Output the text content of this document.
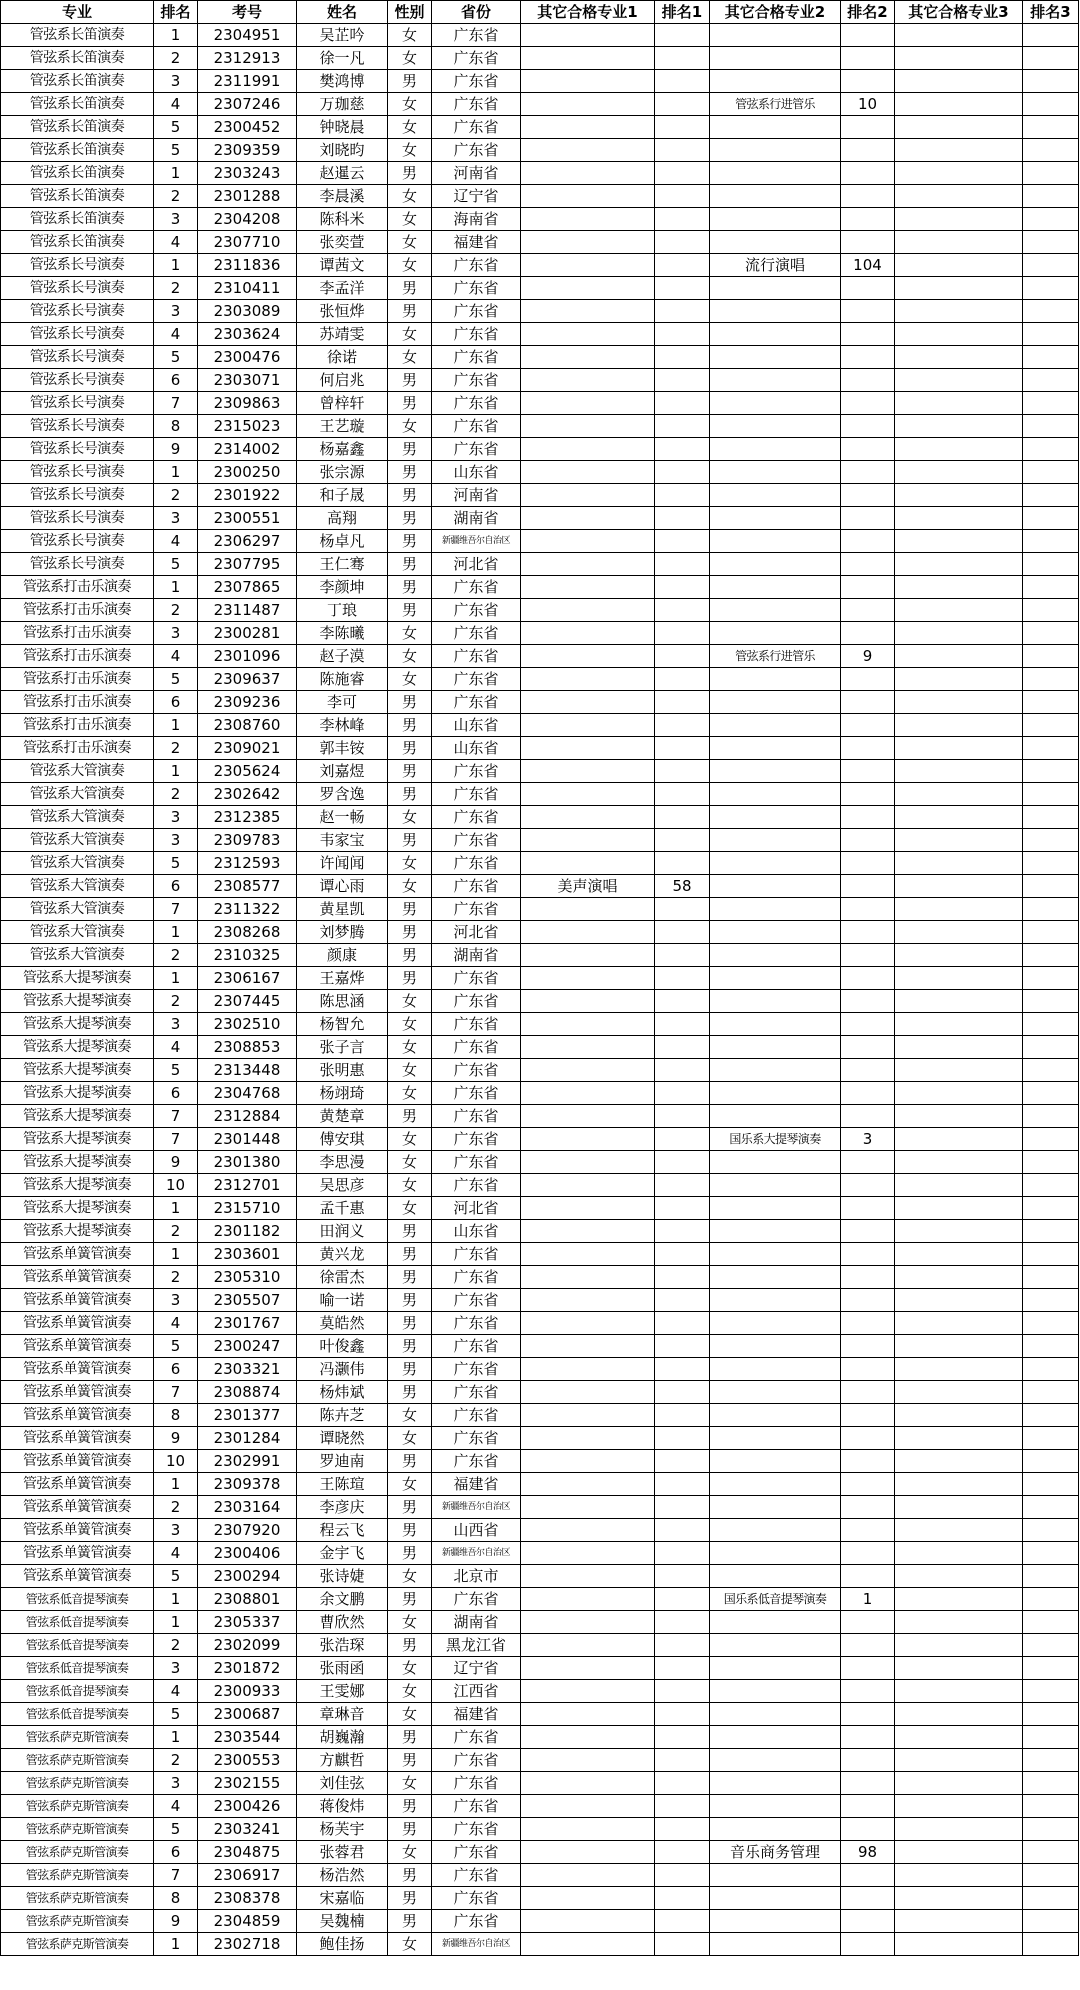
专业	排名	考号	姓名	性别	省份	其它合格专业1	排名1	其它合格专业2	排名2	其它合格专业3	排名3
管弦系长笛演奏	1	2304951	吴芷吟	女	广东省						
管弦系长笛演奏	2	2312913	徐一凡	女	广东省						
管弦系长笛演奏	3	2311991	樊鸿博	男	广东省						
管弦系长笛演奏	4	2307246	万珈慈	女	广东省			管弦系行进管乐	10		
管弦系长笛演奏	5	2300452	钟晓晨	女	广东省						
管弦系长笛演奏	5	2309359	刘晓昀	女	广东省						
管弦系长笛演奏	1	2303243	赵暹云	男	河南省						
管弦系长笛演奏	2	2301288	李晨溪	女	辽宁省						
管弦系长笛演奏	3	2304208	陈科米	女	海南省						
管弦系长笛演奏	4	2307710	张奕萱	女	福建省						
管弦系长号演奏	1	2311836	谭茜文	女	广东省			流行演唱	104		
管弦系长号演奏	2	2310411	李孟洋	男	广东省						
管弦系长号演奏	3	2303089	张恒烨	男	广东省						
管弦系长号演奏	4	2303624	苏靖雯	女	广东省						
管弦系长号演奏	5	2300476	徐诺	女	广东省						
管弦系长号演奏	6	2303071	何启兆	男	广东省						
管弦系长号演奏	7	2309863	曾梓轩	男	广东省						
管弦系长号演奏	8	2315023	王艺璇	女	广东省						
管弦系长号演奏	9	2314002	杨嘉鑫	男	广东省						
管弦系长号演奏	1	2300250	张宗源	男	山东省						
管弦系长号演奏	2	2301922	和子晟	男	河南省						
管弦系长号演奏	3	2300551	高翔	男	湖南省						
管弦系长号演奏	4	2306297	杨卓凡	男	新疆维吾尔自治区						
管弦系长号演奏	5	2307795	王仁骞	男	河北省						
管弦系打击乐演奏	1	2307865	李颜坤	男	广东省						
管弦系打击乐演奏	2	2311487	丁琅	男	广东省						
管弦系打击乐演奏	3	2300281	李陈曦	女	广东省						
管弦系打击乐演奏	4	2301096	赵子漠	女	广东省			管弦系行进管乐	9		
管弦系打击乐演奏	5	2309637	陈施睿	女	广东省						
管弦系打击乐演奏	6	2309236	李可	男	广东省						
管弦系打击乐演奏	1	2308760	李林峰	男	山东省						
管弦系打击乐演奏	2	2309021	郭丰铵	男	山东省						
管弦系大管演奏	1	2305624	刘嘉煜	男	广东省						
管弦系大管演奏	2	2302642	罗含逸	男	广东省						
管弦系大管演奏	3	2312385	赵一畅	女	广东省						
管弦系大管演奏	3	2309783	韦家宝	男	广东省						
管弦系大管演奏	5	2312593	许闻闻	女	广东省						
管弦系大管演奏	6	2308577	谭心雨	女	广东省	美声演唱	58				
管弦系大管演奏	7	2311322	黄星凯	男	广东省						
管弦系大管演奏	1	2308268	刘梦腾	男	河北省						
管弦系大管演奏	2	2310325	颜康	男	湖南省						
管弦系大提琴演奏	1	2306167	王嘉烨	男	广东省						
管弦系大提琴演奏	2	2307445	陈思涵	女	广东省						
管弦系大提琴演奏	3	2302510	杨智允	女	广东省						
管弦系大提琴演奏	4	2308853	张子言	女	广东省						
管弦系大提琴演奏	5	2313448	张明惠	女	广东省						
管弦系大提琴演奏	6	2304768	杨翊琦	女	广东省						
管弦系大提琴演奏	7	2312884	黄楚章	男	广东省						
管弦系大提琴演奏	7	2301448	傅安琪	女	广东省			国乐系大提琴演奏	3		
管弦系大提琴演奏	9	2301380	李思漫	女	广东省						
管弦系大提琴演奏	10	2312701	吴思彦	女	广东省						
管弦系大提琴演奏	1	2315710	孟千惠	女	河北省						
管弦系大提琴演奏	2	2301182	田润义	男	山东省						
管弦系单簧管演奏	1	2303601	黄兴龙	男	广东省						
管弦系单簧管演奏	2	2305310	徐雷杰	男	广东省						
管弦系单簧管演奏	3	2305507	喻一诺	男	广东省						
管弦系单簧管演奏	4	2301767	莫皓然	男	广东省						
管弦系单簧管演奏	5	2300247	叶俊鑫	男	广东省						
管弦系单簧管演奏	6	2303321	冯灏伟	男	广东省						
管弦系单簧管演奏	7	2308874	杨炜斌	男	广东省						
管弦系单簧管演奏	8	2301377	陈卉芝	女	广东省						
管弦系单簧管演奏	9	2301284	谭晓然	女	广东省						
管弦系单簧管演奏	10	2302991	罗迪南	男	广东省						
管弦系单簧管演奏	1	2309378	王陈瑄	女	福建省						
管弦系单簧管演奏	2	2303164	李彦庆	男	新疆维吾尔自治区						
管弦系单簧管演奏	3	2307920	程云飞	男	山西省						
管弦系单簧管演奏	4	2300406	金宇飞	男	新疆维吾尔自治区						
管弦系单簧管演奏	5	2300294	张诗婕	女	北京市						
管弦系低音提琴演奏	1	2308801	余文鹏	男	广东省			国乐系低音提琴演奏	1		
管弦系低音提琴演奏	1	2305337	曹欣然	女	湖南省						
管弦系低音提琴演奏	2	2302099	张浩琛	男	黑龙江省						
管弦系低音提琴演奏	3	2301872	张雨函	女	辽宁省						
管弦系低音提琴演奏	4	2300933	王雯娜	女	江西省						
管弦系低音提琴演奏	5	2300687	章琳音	女	福建省						
管弦系萨克斯管演奏	1	2303544	胡巍瀚	男	广东省						
管弦系萨克斯管演奏	2	2300553	方麒哲	男	广东省						
管弦系萨克斯管演奏	3	2302155	刘佳弦	女	广东省						
管弦系萨克斯管演奏	4	2300426	蒋俊炜	男	广东省						
管弦系萨克斯管演奏	5	2303241	杨芙宇	男	广东省						
管弦系萨克斯管演奏	6	2304875	张蓉君	女	广东省			音乐商务管理	98		
管弦系萨克斯管演奏	7	2306917	杨浩然	男	广东省						
管弦系萨克斯管演奏	8	2308378	宋嘉临	男	广东省						
管弦系萨克斯管演奏	9	2304859	吴魏楠	男	广东省						
管弦系萨克斯管演奏	1	2302718	鲍佳扬	女	新疆维吾尔自治区						
